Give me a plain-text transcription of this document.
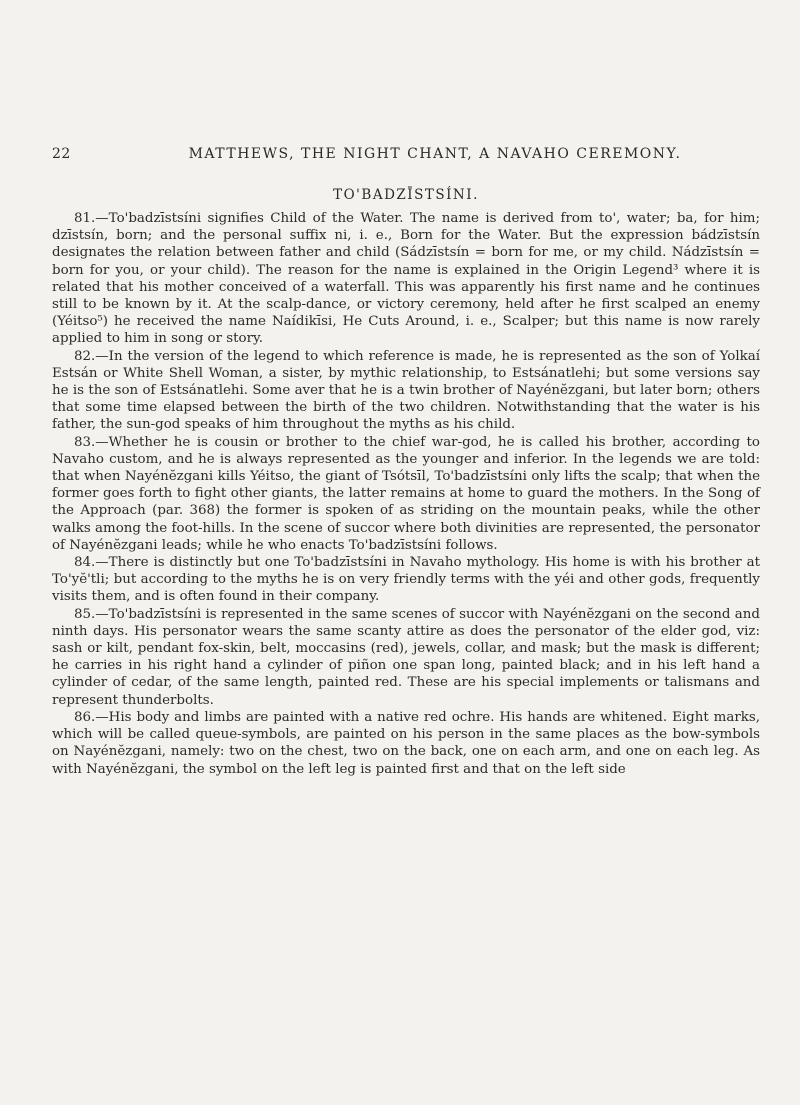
22	MATTHEWS, THE NIGHT CHANT, A NAVAHO CEREMONY.
TO'BADZĪSTSÍNI.

81.—To'badzīstsíni signifies Child of the Water. The name is derived from to', water; ba, for him; dzīstsín, born; and the personal suffix ni, i. e., Born for the Water. But the expression bádzīstsín designates the relation between father and child (Sádzīstsín = born for me, or my child. Nádzīstsín = born for you, or your child). The reason for the name is explained in the Origin Legend³ where it is related that his mother conceived of a waterfall. This was apparently his first name and he continues still to be known by it. At the scalp-dance, or victory ceremony, held after he first scalped an enemy (Yéitso⁵) he received the name Naídikīsi, He Cuts Around, i. e., Scalper; but this name is now rarely applied to him in song or story.

82.—In the version of the legend to which reference is made, he is represented as the son of Yolkaí Estsán or White Shell Woman, a sister, by mythic relationship, to Estsánatlehi; but some versions say he is the son of Estsánatlehi. Some aver that he is a twin brother of Nayénĕzgani, but later born; others that some time elapsed between the birth of the two children. Notwithstanding that the water is his father, the sun-god speaks of him throughout the myths as his child.

83.—Whether he is cousin or brother to the chief war-god, he is called his brother, according to Navaho custom, and he is always represented as the younger and inferior. In the legends we are told: that when Nayénĕzgani kills Yéitso, the giant of Tsótsīl, To'badzīstsíni only lifts the scalp; that when the former goes forth to fight other giants, the latter remains at home to guard the mothers. In the Song of the Approach (par. 368) the former is spoken of as striding on the mountain peaks, while the other walks among the foot-hills. In the scene of succor where both divinities are represented, the personator of Nayénĕzgani leads; while he who enacts To'badzīstsíni follows.

84.—There is distinctly but one To'badzīstsíni in Navaho mythology. His home is with his brother at To'yĕ'tli; but according to the myths he is on very friendly terms with the yéi and other gods, frequently visits them, and is often found in their company.

85.—To'badzīstsíni is represented in the same scenes of succor with Nayénĕzgani on the second and ninth days. His personator wears the same scanty attire as does the personator of the elder god, viz: sash or kilt, pendant fox-skin, belt, moccasins (red), jewels, collar, and mask; but the mask is different; he carries in his right hand a cylinder of piñon one span long, painted black; and in his left hand a cylinder of cedar, of the same length, painted red. These are his special implements or talismans and represent thunderbolts.

86.—His body and limbs are painted with a native red ochre. His hands are whitened. Eight marks, which will be called queue-symbols, are painted on his person in the same places as the bow-symbols on Nayénĕzgani, namely: two on the chest, two on the back, one on each arm, and one on each leg. As with Nayénĕzgani, the symbol on the left leg is painted first and that on the left side
